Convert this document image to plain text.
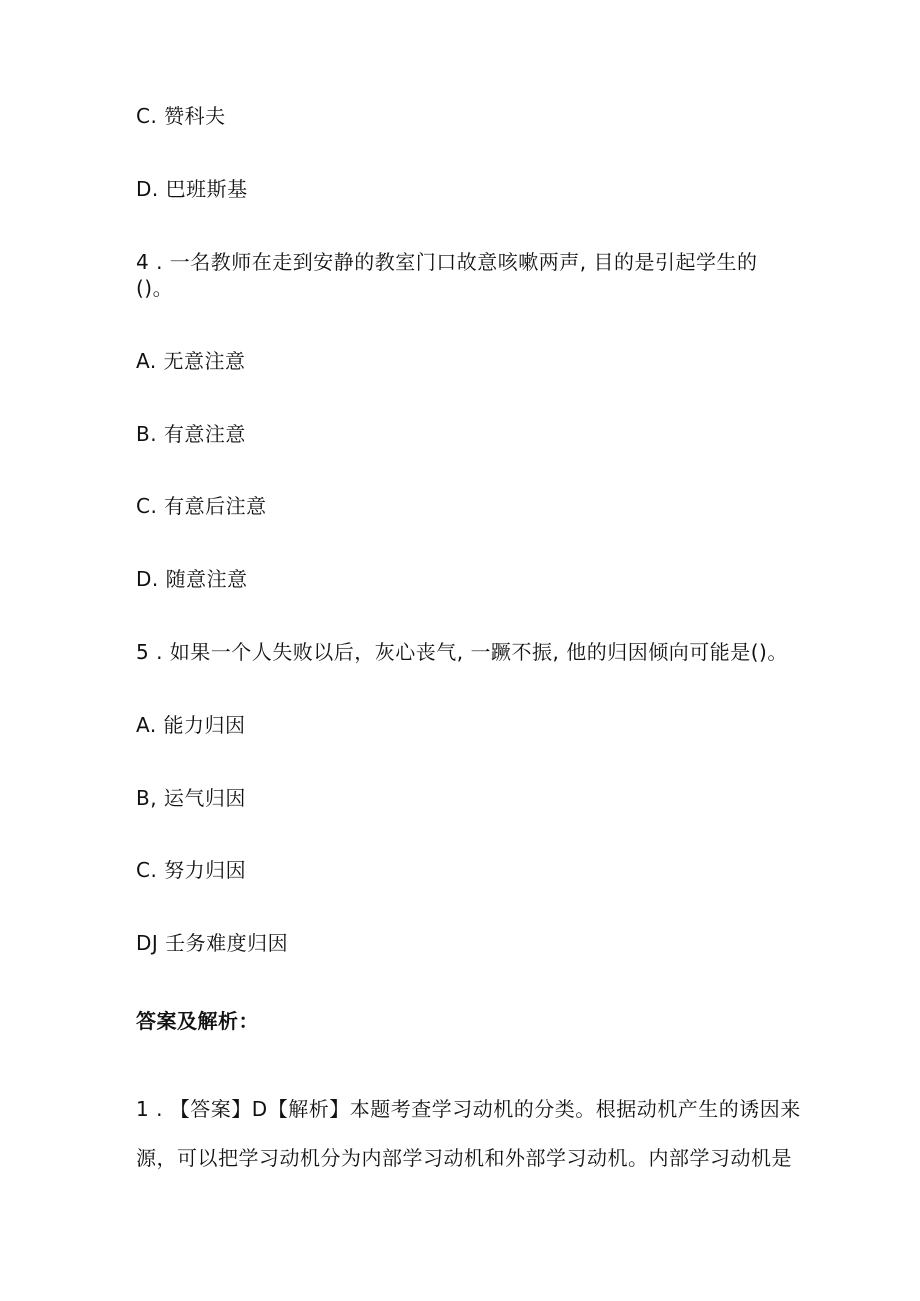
C. 赞科夫
D. 巴班斯基
4 . 一名教师在走到安静的教室门口故意咳嗽两声, 目的是引起学生的
()。
A. 无意注意
B. 有意注意
C. 有意后注意
D. 随意注意
5 . 如果一个人失败以后，灰心丧气, 一蹶不振, 他的归因倾向可能是()。
A. 能力归因
B, 运气归因
C. 努力归因
DJ 壬务难度归因
答案及解析：
1 . 【答案】D【解析】本题考查学习动机的分类。根据动机产生的诱因来
源，可以把学习动机分为内部学习动机和外部学习动机。内部学习动机是
